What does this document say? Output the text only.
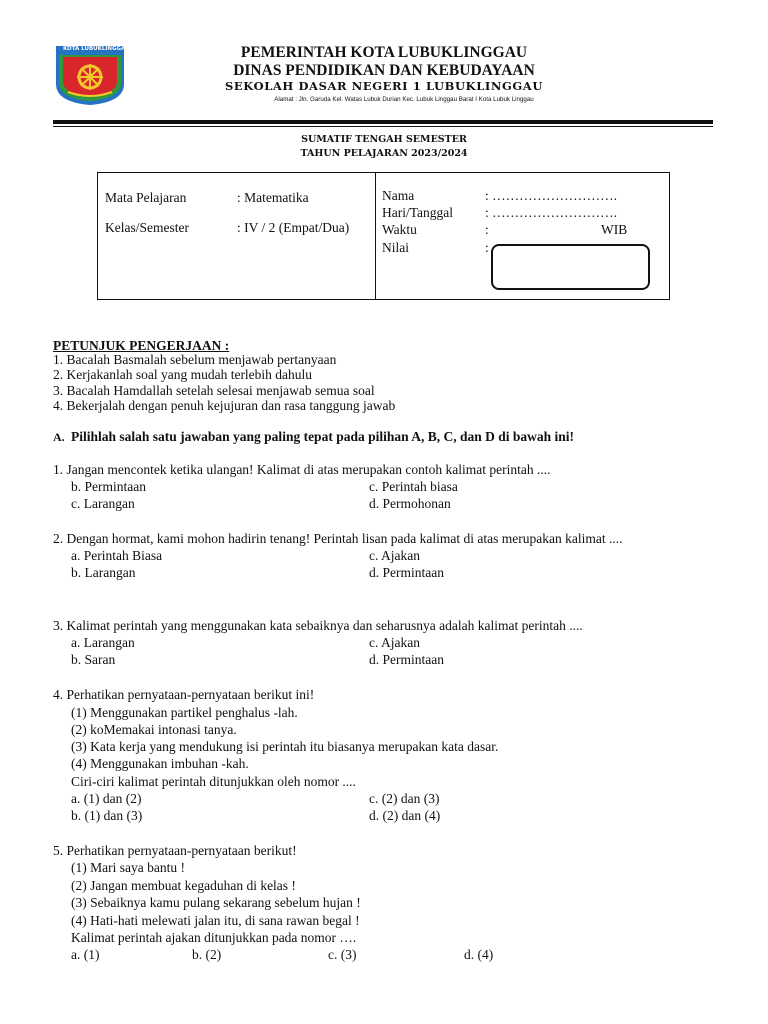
KOTA LUBUKLINGGAU	PEMERINTAH KOTA LUBUKLINGGAU
DINAS PENDIDIKAN DAN KEBUDAYAAN
SEKOLAH DASAR NEGERI 1 LUBUKLINGGAU
Alamat : Jln. Garuda Kel. Watas Lubuk Durian Kec. Lubuk Linggau Barat I Kota Lubuk Linggau
SUMATIF TENGAH SEMESTER
TAHUN PELAJARAN 2023/2024
Mata Pelajaran	: Matematika
Kelas/Semester	: IV / 2 (Empat/Dua)
Nama	: ……………………….
Hari/Tanggal : ……………………….
Waktu	:	WIB
Nilai	:
PETUNJUK PENGERJAAN :
1. Bacalah Basmalah sebelum menjawab pertanyaan
2. Kerjakanlah soal yang mudah terlebih dahulu
3. Bacalah Hamdallah setelah selesai menjawab semua soal
4. Bekerjalah dengan penuh kejujuran dan rasa tanggung jawab
A. Pilihlah salah satu jawaban yang paling tepat pada pilihan A, B, C, dan D di bawah ini!
1. Jangan mencontek ketika ulangan! Kalimat di atas merupakan contoh kalimat perintah ....
b. Permintaan	c. Perintah biasa
c. Larangan	d. Permohonan
2. Dengan hormat, kami mohon hadirin tenang! Perintah lisan pada kalimat di atas merupakan kalimat ....
a. Perintah Biasa	c. Ajakan
b. Larangan	d. Permintaan
3. Kalimat perintah yang menggunakan kata sebaiknya dan seharusnya adalah kalimat perintah ....
a. Larangan	c. Ajakan
b. Saran	d. Permintaan
4. Perhatikan pernyataan-pernyataan berikut ini!
(1) Menggunakan partikel penghalus -lah.
(2) koMemakai intonasi tanya.
(3) Kata kerja yang mendukung isi perintah itu biasanya merupakan kata dasar.
(4) Menggunakan imbuhan -kah.
Ciri-ciri kalimat perintah ditunjukkan oleh nomor ....
a. (1) dan (2)	c. (2) dan (3)
b. (1) dan (3)	d. (2) dan (4)
5. Perhatikan pernyataan-pernyataan berikut!
(1) Mari saya bantu !
(2) Jangan membuat kegaduhan di kelas !
(3) Sebaiknya kamu pulang sekarang sebelum hujan !
(4) Hati-hati melewati jalan itu, di sana rawan begal !
Kalimat perintah ajakan ditunjukkan pada nomor ….
a. (1)	b. (2)	c. (3)	d. (4)
